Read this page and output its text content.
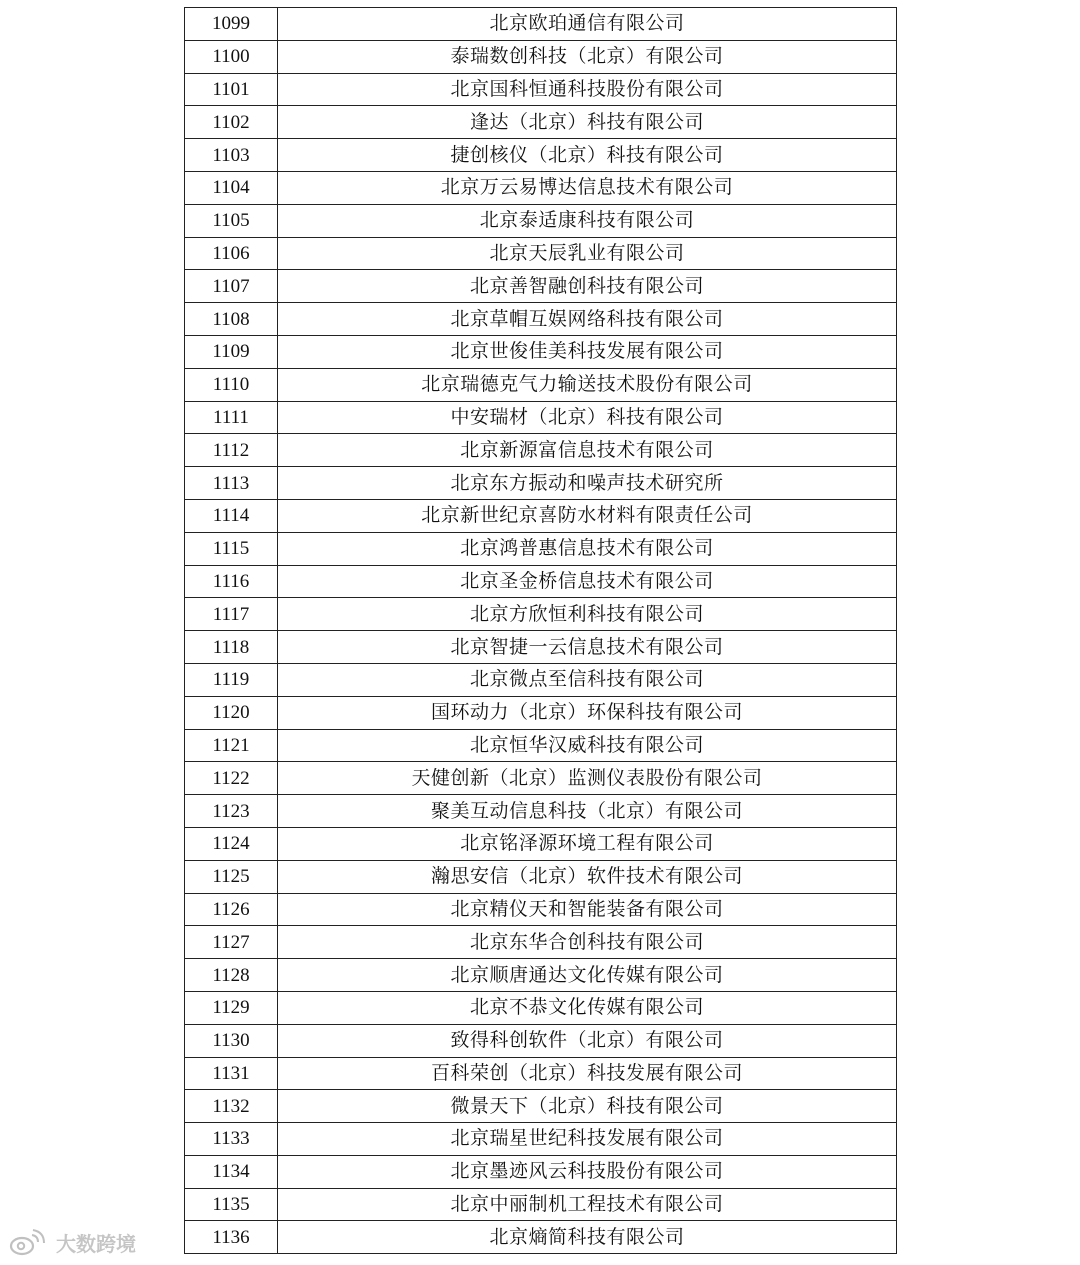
1099	北京欧珀通信有限公司
1100	泰瑞数创科技（北京）有限公司
1101	北京国科恒通科技股份有限公司
1102	逢达（北京）科技有限公司
1103	捷创核仪（北京）科技有限公司
1104	北京万云易博达信息技术有限公司
1105	北京泰适康科技有限公司
1106	北京天辰乳业有限公司
1107	北京善智融创科技有限公司
1108	北京草帽互娱网络科技有限公司
1109	北京世俊佳美科技发展有限公司
1110	北京瑞德克气力输送技术股份有限公司
1111	中安瑞材（北京）科技有限公司
1112	北京新源富信息技术有限公司
1113	北京东方振动和噪声技术研究所
1114	北京新世纪京喜防水材料有限责任公司
1115	北京鸿普惠信息技术有限公司
1116	北京圣金桥信息技术有限公司
1117	北京方欣恒利科技有限公司
1118	北京智捷一云信息技术有限公司
1119	北京微点至信科技有限公司
1120	国环动力（北京）环保科技有限公司
1121	北京恒华汉威科技有限公司
1122	天健创新（北京）监测仪表股份有限公司
1123	聚美互动信息科技（北京）有限公司
1124	北京铭泽源环境工程有限公司
1125	瀚思安信（北京）软件技术有限公司
1126	北京精仪天和智能装备有限公司
1127	北京东华合创科技有限公司
1128	北京顺唐通达文化传媒有限公司
1129	北京不恭文化传媒有限公司
1130	致得科创软件（北京）有限公司
1131	百科荣创（北京）科技发展有限公司
1132	微景天下（北京）科技有限公司
1133	北京瑞星世纪科技发展有限公司
1134	北京墨迹风云科技股份有限公司
1135	北京中丽制机工程技术有限公司
1136	北京熵简科技有限公司
大数跨境
